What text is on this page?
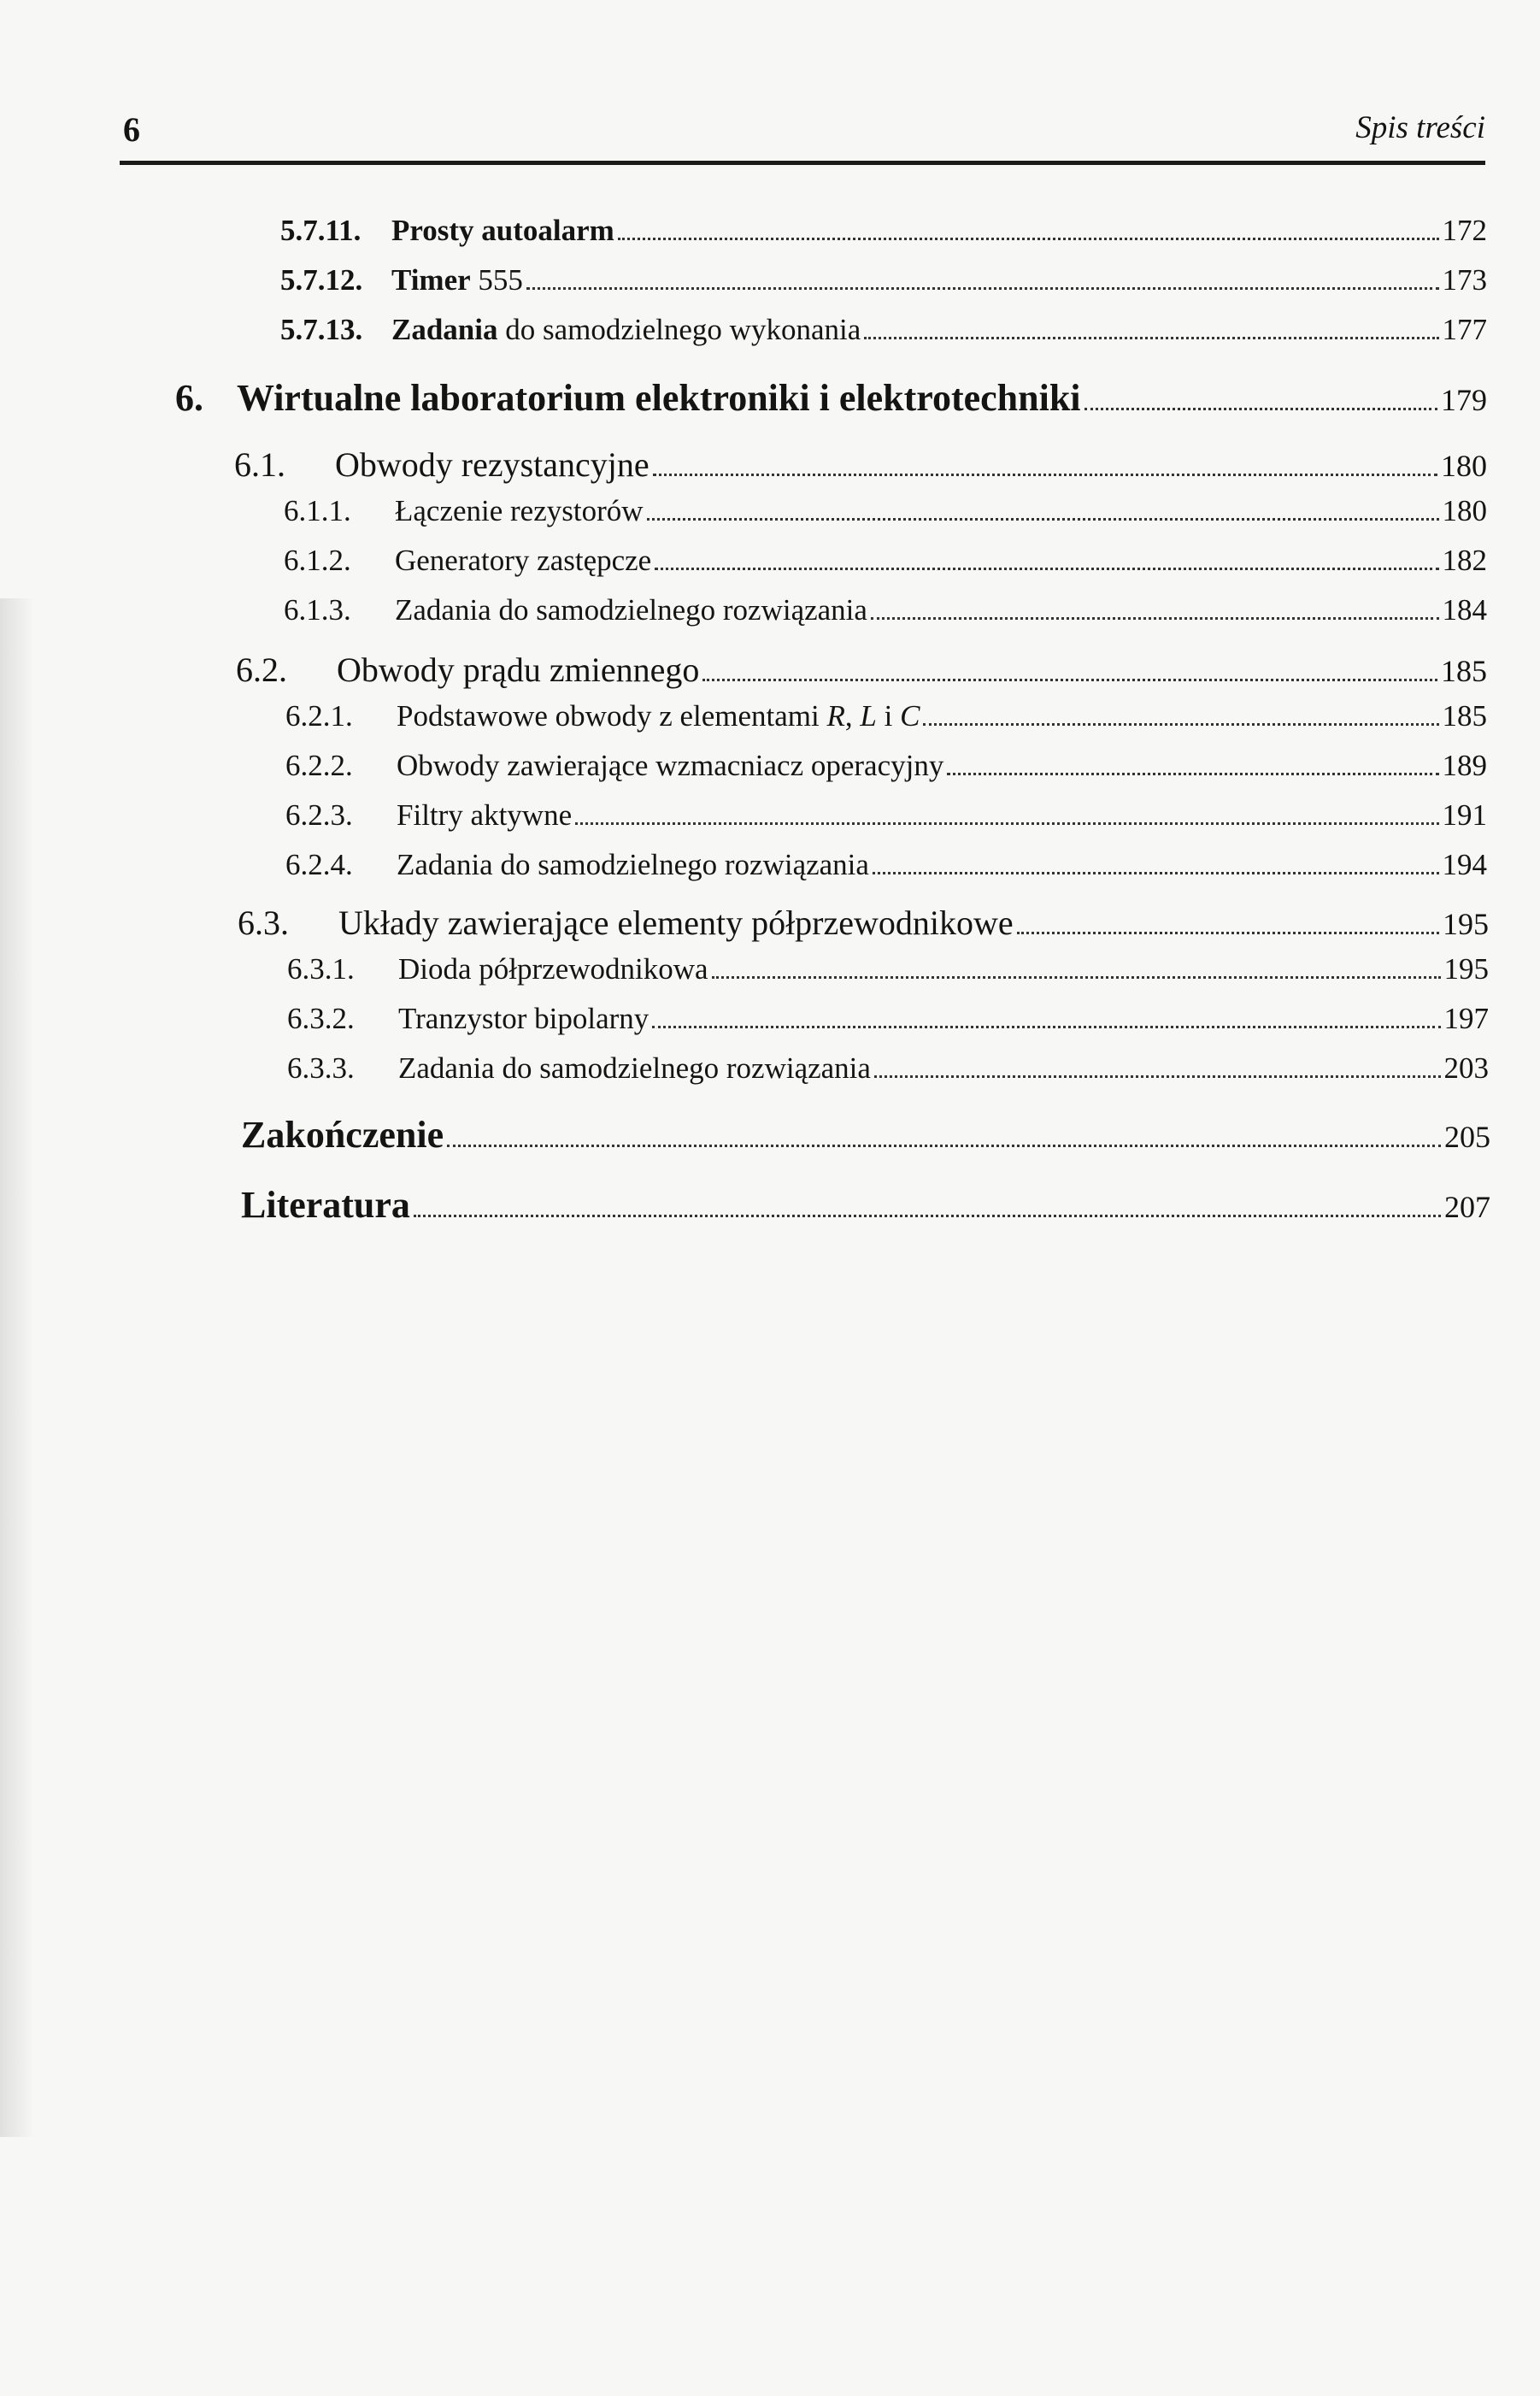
6	Spis treści
5.7.11.	Prosty autoalarm	172
5.7.12. Timer 555	173
5.7.13. Zadania do samodzielnego wykonania	177
6. Wirtualne laboratorium elektroniki i elektrotechniki	179
6.1.	Obwody rezystancyjne	180
6.1.1.	Łączenie rezystorów	180
6.1.2.	Generatory zastępcze	182
6.1.3.	Zadania do samodzielnego rozwiązania	184
6.2.	Obwody prądu zmiennego	185
6.2.1.	Podstawowe obwody z elementami R, L i C	185
6.2.2.	Obwody zawierające wzmacniacz operacyjny	189
6.2.3.	Filtry aktywne	191
6.2.4.	Zadania do samodzielnego rozwiązania	194
6.3.	Układy zawierające elementy półprzewodnikowe	195
6.3.1.	Dioda półprzewodnikowa	195
6.3.2.	Tranzystor bipolarny	197
6.3.3.	Zadania do samodzielnego rozwiązania	203
Zakończenie	205
Literatura	207
